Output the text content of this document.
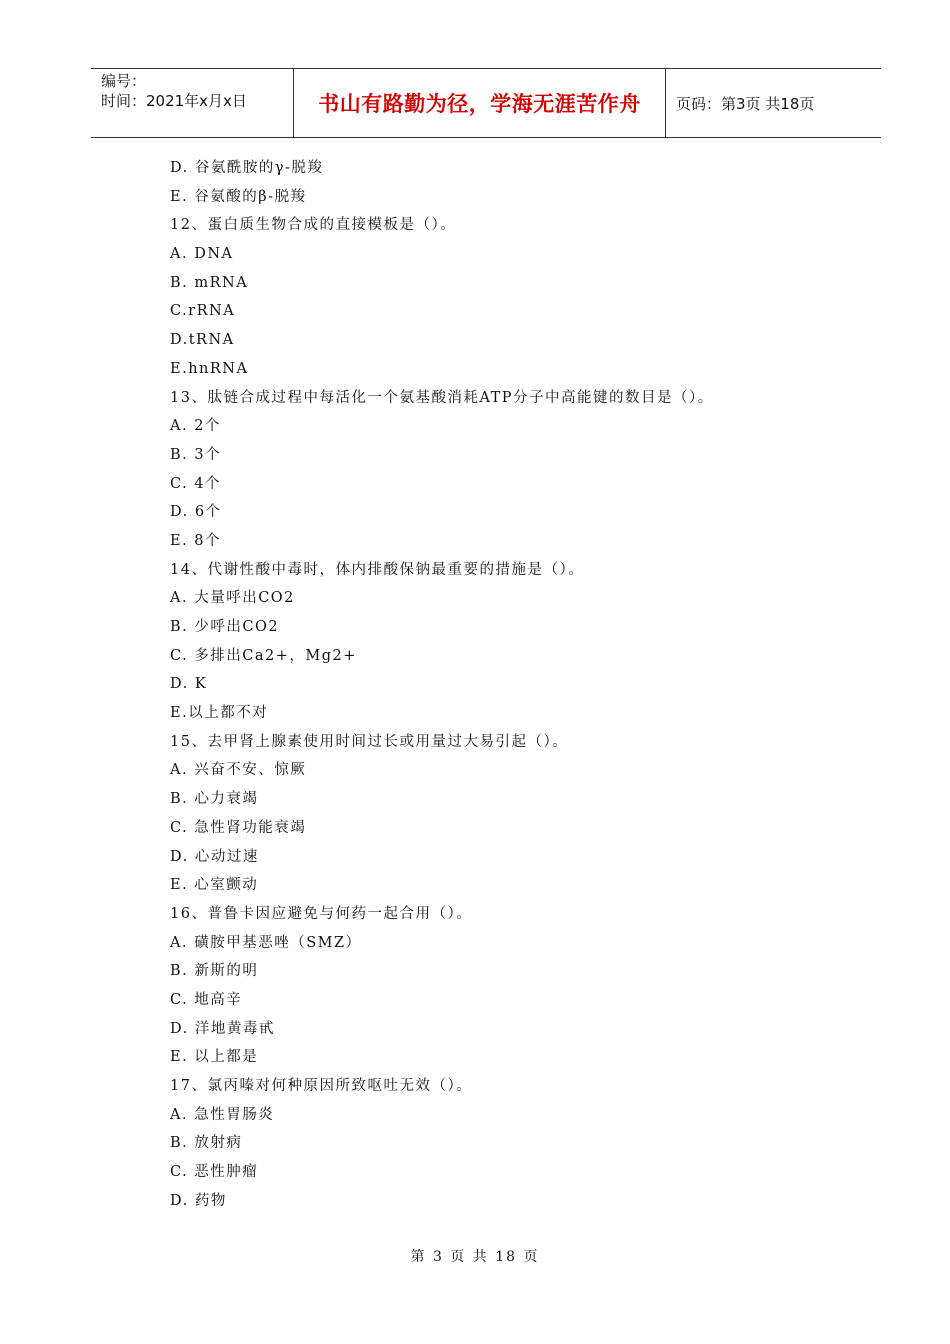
编号：
时间：2021年x月x日	书山有路勤为径，学海无涯苦作舟	页码：第3页 共18页
D. 谷氨酰胺的γ-脱羧
E. 谷氨酸的β-脱羧
12、蛋白质生物合成的直接模板是（）。
A. DNA
B. mRNA
C.rRNA
D.tRNA
E.hnRNA
13、肽链合成过程中每活化一个氨基酸消耗ATP分子中高能键的数目是（）。
A. 2个
B. 3个
C. 4个
D. 6个
E. 8个
14、代谢性酸中毒时，体内排酸保钠最重要的措施是（）。
A. 大量呼出CO2
B. 少呼出CO2
C. 多排出Ca2+，Mg2+
D. K
E.以上都不对
15、去甲肾上腺素使用时间过长或用量过大易引起（）。
A. 兴奋不安、惊厥
B. 心力衰竭
C. 急性肾功能衰竭
D. 心动过速
E. 心室颤动
16、普鲁卡因应避免与何药一起合用（）。
A. 磺胺甲基恶唑（SMZ）
B. 新斯的明
C. 地高辛
D. 洋地黄毒甙
E. 以上都是
17、氯丙嗪对何种原因所致呕吐无效（）。
A. 急性胃肠炎
B. 放射病
C. 恶性肿瘤
D. 药物
第 3 页 共 18 页
